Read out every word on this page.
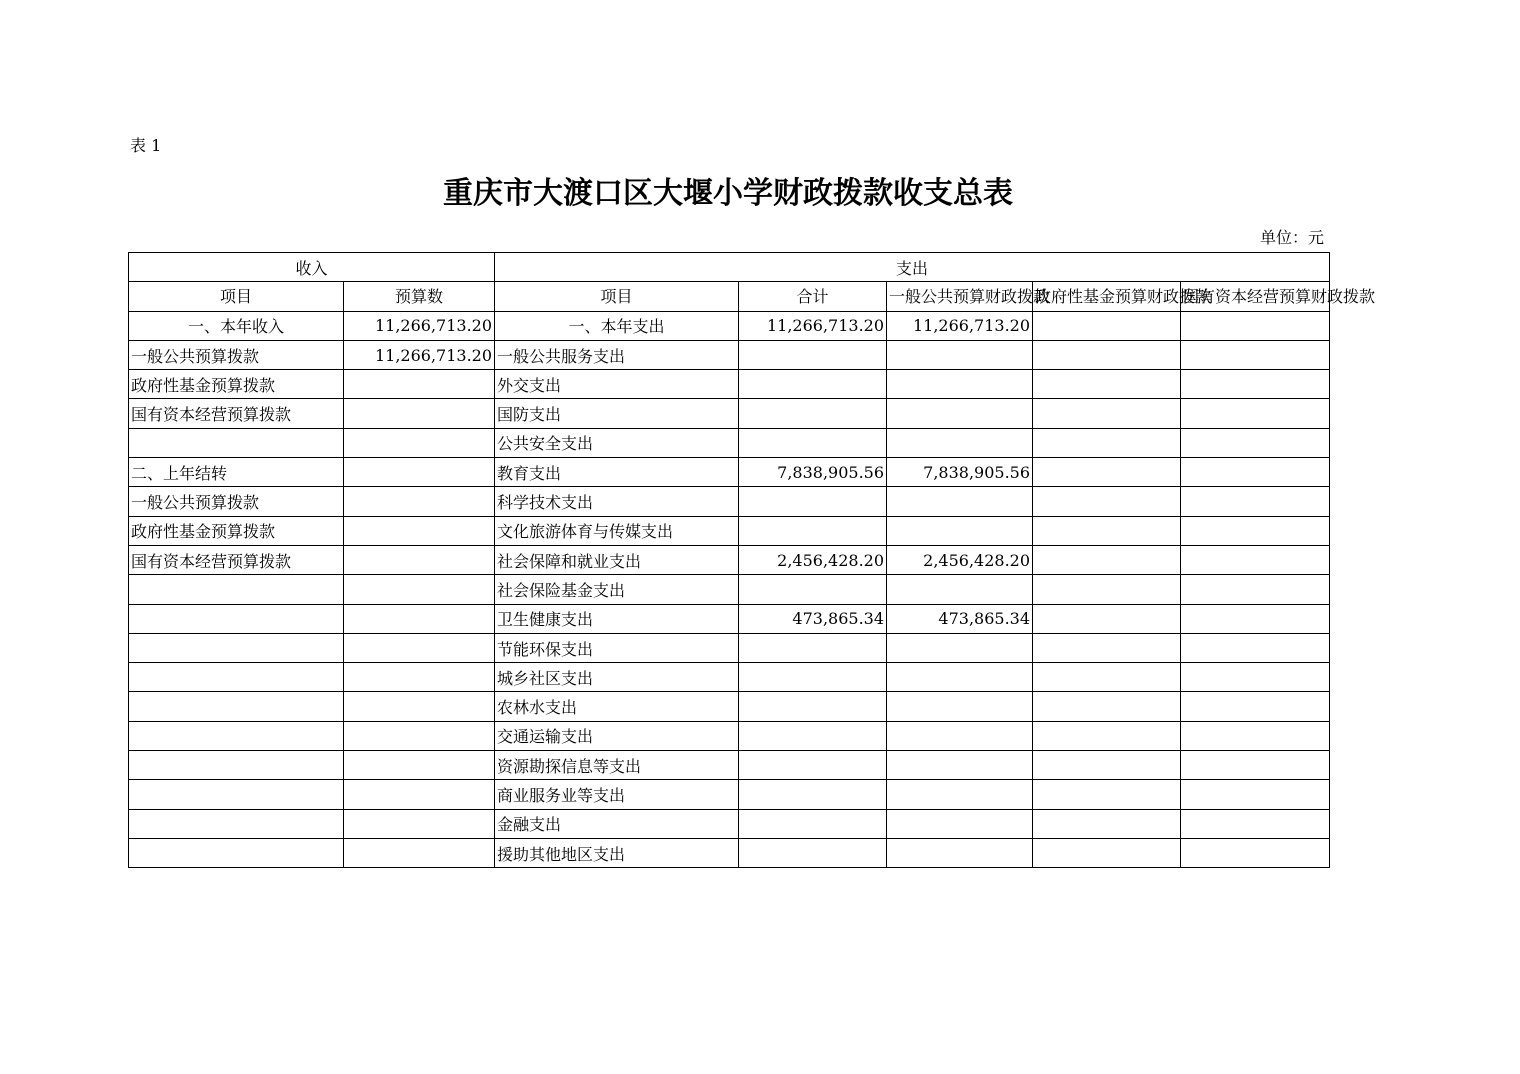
表 1
重庆市大渡口区大堰小学财政拨款收支总表
单位：元
收入		支出				
项目	预算数	项目	合计	一般公共预算财政拨款	政府性基金预算财政拨款	国有资本经营预算财政拨款
一、本年收入	11,266,713.20	一、本年支出	11,266,713.20	11,266,713.20		
一般公共预算拨款	11,266,713.20	一般公共服务支出				
政府性基金预算拨款		外交支出				
国有资本经营预算拨款		国防支出				
		公共安全支出				
二、上年结转		教育支出	7,838,905.56	7,838,905.56		
一般公共预算拨款		科学技术支出				
政府性基金预算拨款		文化旅游体育与传媒支出				
国有资本经营预算拨款		社会保障和就业支出	2,456,428.20	2,456,428.20		
		社会保险基金支出				
		卫生健康支出	473,865.34	473,865.34		
		节能环保支出				
		城乡社区支出				
		农林水支出				
		交通运输支出				
		资源勘探信息等支出				
		商业服务业等支出				
		金融支出				
		援助其他地区支出				
